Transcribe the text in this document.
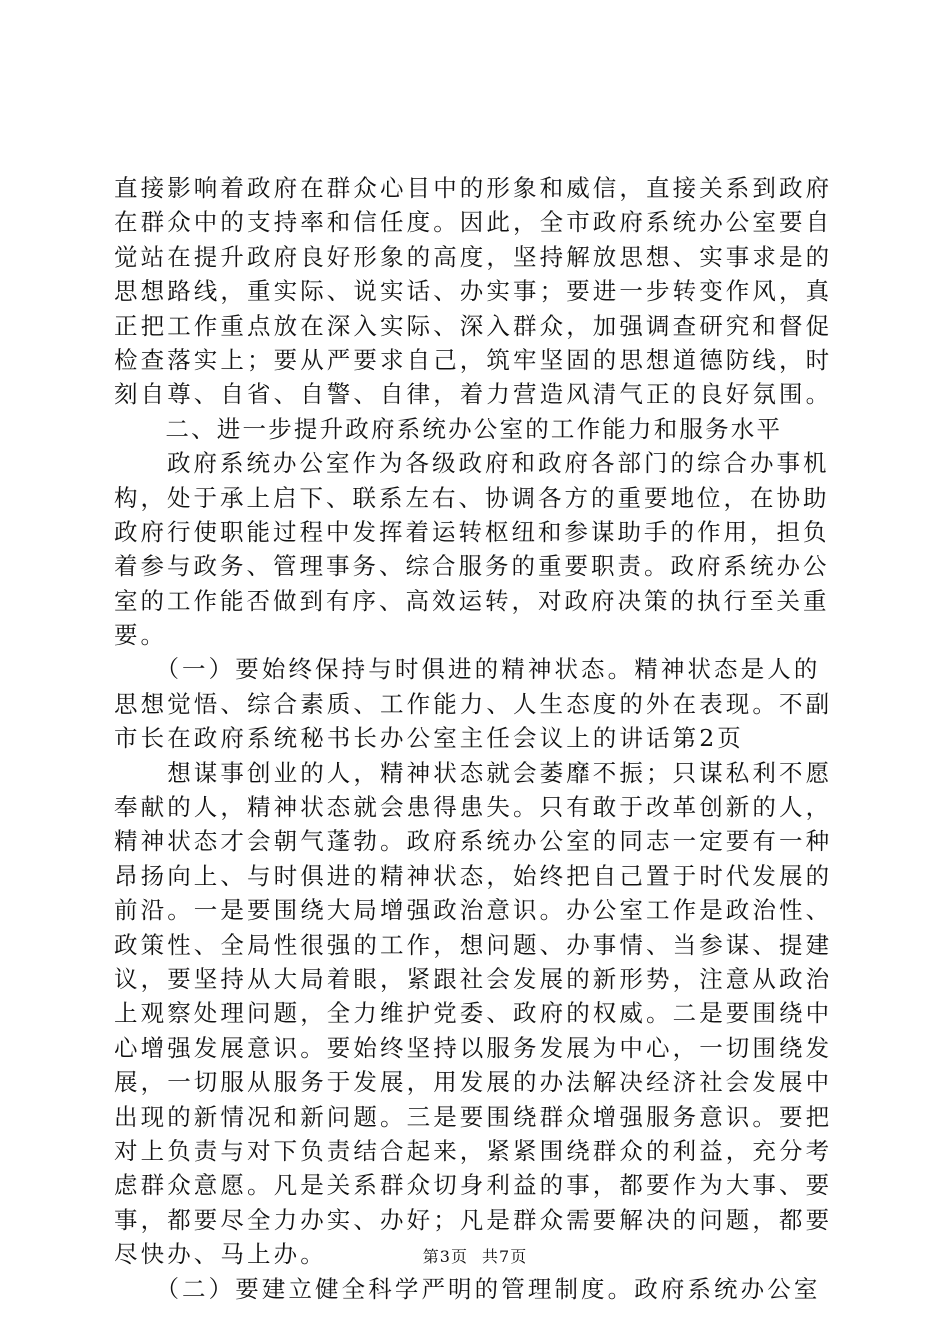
直接影响着政府在群众心目中的形象和威信，直接关系到政府
在群众中的支持率和信任度。因此，全市政府系统办公室要自
觉站在提升政府良好形象的高度，坚持解放思想、实事求是的
思想路线，重实际、说实话、办实事；要进一步转变作风，真
正把工作重点放在深入实际、深入群众，加强调查研究和督促
检查落实上；要从严要求自己，筑牢坚固的思想道德防线，时
刻自尊、自省、自警、自律，着力营造风清气正的良好氛围。
　　二、进一步提升政府系统办公室的工作能力和服务水平
　　政府系统办公室作为各级政府和政府各部门的综合办事机
构，处于承上启下、联系左右、协调各方的重要地位，在协助
政府行使职能过程中发挥着运转枢纽和参谋助手的作用，担负
着参与政务、管理事务、综合服务的重要职责。政府系统办公
室的工作能否做到有序、高效运转，对政府决策的执行至关重
要。
　　（一）要始终保持与时俱进的精神状态。精神状态是人的
思想觉悟、综合素质、工作能力、人生态度的外在表现。不副
市长在政府系统秘书长办公室主任会议上的讲话第2页
　　想谋事创业的人，精神状态就会萎靡不振；只谋私利不愿
奉献的人，精神状态就会患得患失。只有敢于改革创新的人，
精神状态才会朝气蓬勃。政府系统办公室的同志一定要有一种
昂扬向上、与时俱进的精神状态，始终把自己置于时代发展的
前沿。一是要围绕大局增强政治意识。办公室工作是政治性、
政策性、全局性很强的工作，想问题、办事情、当参谋、提建
议，要坚持从大局着眼，紧跟社会发展的新形势，注意从政治
上观察处理问题，全力维护党委、政府的权威。二是要围绕中
心增强发展意识。要始终坚持以服务发展为中心，一切围绕发
展，一切服从服务于发展，用发展的办法解决经济社会发展中
出现的新情况和新问题。三是要围绕群众增强服务意识。要把
对上负责与对下负责结合起来，紧紧围绕群众的利益，充分考
虑群众意愿。凡是关系群众切身利益的事，都要作为大事、要
事，都要尽全力办实、办好；凡是群众需要解决的问题，都要
尽快办、马上办。
　　（二）要建立健全科学严明的管理制度。政府系统办公室
第3页 共7页
